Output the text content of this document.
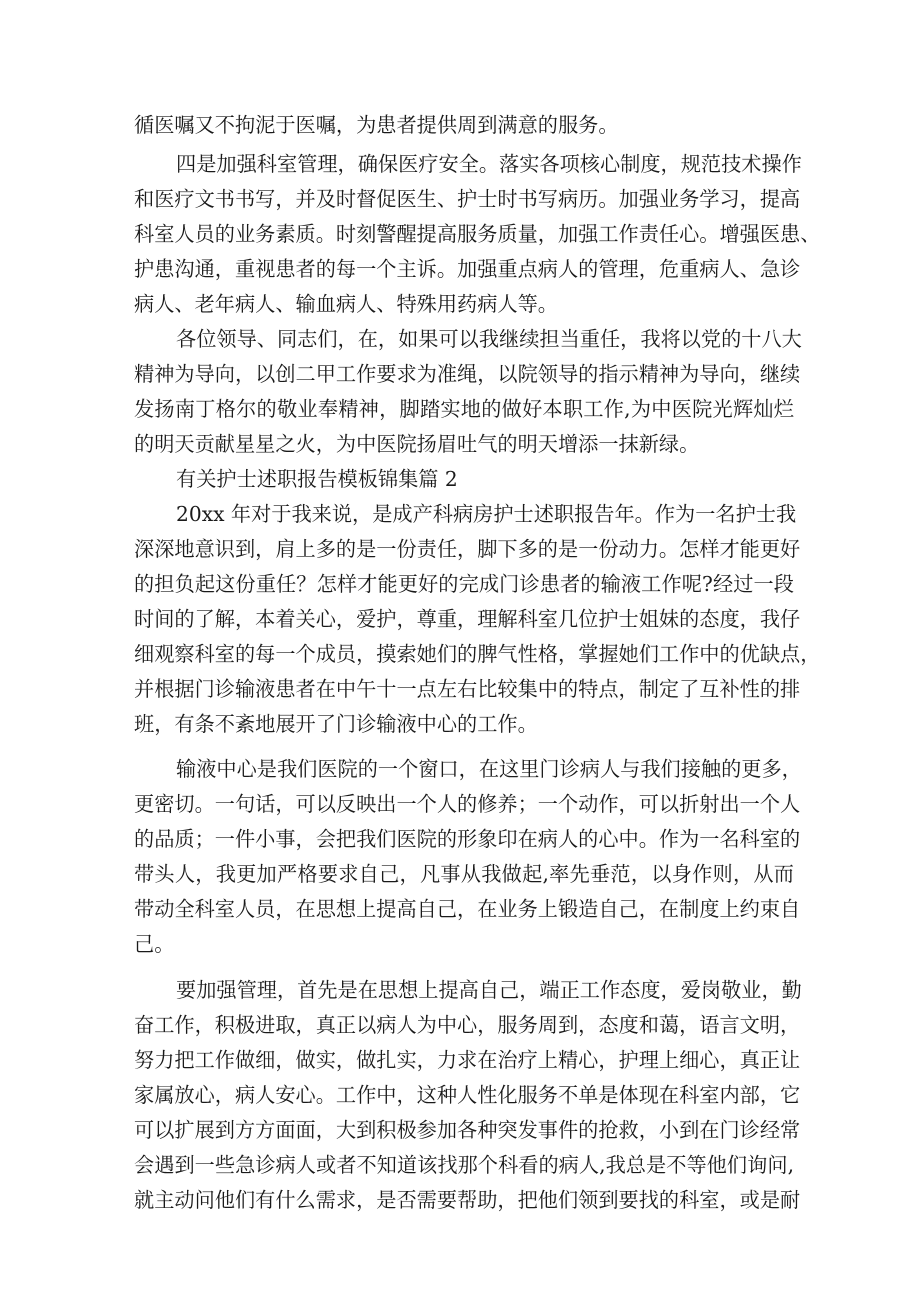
循医嘱又不拘泥于医嘱，为患者提供周到满意的服务。
四是加强科室管理，确保医疗安全。落实各项核心制度，规范技术操作
和医疗文书书写，并及时督促医生、护士时书写病历。加强业务学习，提高
科室人员的业务素质。时刻警醒提高服务质量，加强工作责任心。增强医患、
护患沟通，重视患者的每一个主诉。加强重点病人的管理，危重病人、急诊
病人、老年病人、输血病人、特殊用药病人等。
各位领导、同志们，在，如果可以我继续担当重任，我将以党的十八大
精神为导向，以创二甲工作要求为准绳，以院领导的指示精神为导向，继续
发扬南丁格尔的敬业奉精神，脚踏实地的做好本职工作,为中医院光辉灿烂
的明天贡献星星之火，为中医院扬眉吐气的明天增添一抹新绿。
有关护士述职报告模板锦集篇 2
20xx 年对于我来说，是成产科病房护士述职报告年。作为一名护士我
深深地意识到，肩上多的是一份责任，脚下多的是一份动力。怎样才能更好
的担负起这份重任？怎样才能更好的完成门诊患者的输液工作呢?经过一段
时间的了解，本着关心，爱护，尊重，理解科室几位护士姐妹的态度，我仔
细观察科室的每一个成员，摸索她们的脾气性格，掌握她们工作中的优缺点，
并根据门诊输液患者在中午十一点左右比较集中的特点，制定了互补性的排
班，有条不紊地展开了门诊输液中心的工作。
输液中心是我们医院的一个窗口，在这里门诊病人与我们接触的更多，
更密切。一句话，可以反映出一个人的修养；一个动作，可以折射出一个人
的品质；一件小事，会把我们医院的形象印在病人的心中。作为一名科室的
带头人，我更加严格要求自己，凡事从我做起,率先垂范，以身作则，从而
带动全科室人员，在思想上提高自己，在业务上锻造自己，在制度上约束自
己。
要加强管理，首先是在思想上提高自己，端正工作态度，爱岗敬业，勤
奋工作，积极进取，真正以病人为中心，服务周到，态度和蔼，语言文明，
努力把工作做细，做实，做扎实，力求在治疗上精心，护理上细心，真正让
家属放心，病人安心。工作中，这种人性化服务不单是体现在科室内部，它
可以扩展到方方面面，大到积极参加各种突发事件的抢救，小到在门诊经常
会遇到一些急诊病人或者不知道该找那个科看的病人,我总是不等他们询问,
就主动问他们有什么需求，是否需要帮助，把他们领到要找的科室，或是耐
